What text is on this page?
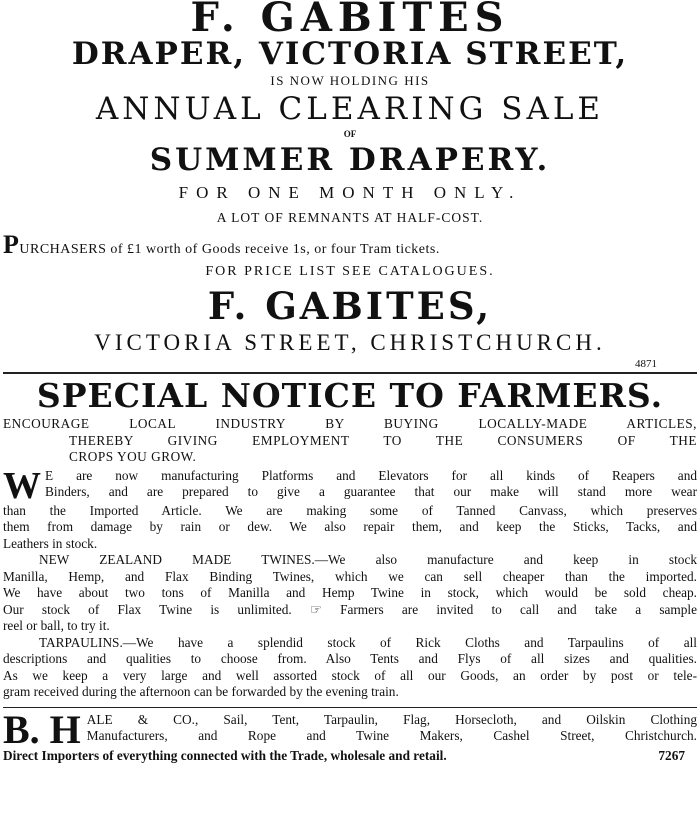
F. GABITES
DRAPER, VICTORIA STREET,
IS NOW HOLDING HIS
ANNUAL CLEARING SALE
OF
SUMMER DRAPERY.
FOR ONE MONTH ONLY.
A LOT OF REMNANTS AT HALF-COST.
PURCHASERS of £1 worth of Goods receive 1s, or four Tram tickets.
FOR PRICE LIST SEE CATALOGUES.
F. GABITES,
VICTORIA STREET, CHRISTCHURCH.
4871
SPECIAL NOTICE TO FARMERS.
ENCOURAGE LOCAL INDUSTRY BY BUYING LOCALLY-MADE ARTICLES,
THEREBY GIVING EMPLOYMENT TO THE CONSUMERS OF THE
CROPS YOU GROW.
W E are now manufacturing Platforms and Elevators for all kinds of Reapers and
Binders, and are prepared to give a guarantee that our make will stand more wear
than the Imported Article. We are making some of Tanned Canvass, which preserves
them from damage by rain or dew. We also repair them, and keep the Sticks, Tacks, and
Leathers in stock.
NEW ZEALAND MADE TWINES.—We also manufacture and keep in stock
Manilla, Hemp, and Flax Binding Twines, which we can sell cheaper than the imported.
We have about two tons of Manilla and Hemp Twine in stock, which would be sold cheap.
Our stock of Flax Twine is unlimited. ☞ Farmers are invited to call and take a sample
reel or ball, to try it.
TARPAULINS.—We have a splendid stock of Rick Cloths and Tarpaulins of all
descriptions and qualities to choose from. Also Tents and Flys of all sizes and qualities.
As we keep a very large and well assorted stock of all our Goods, an order by post or tele-
gram received during the afternoon can be forwarded by the evening train.
B. H ALE & CO., Sail, Tent, Tarpaulin, Flag, Horsecloth, and Oilskin Clothing
Manufacturers, and Rope and Twine Makers, Cashel Street, Christchurch.
Direct Importers of everything connected with the Trade, wholesale and retail.	7267
